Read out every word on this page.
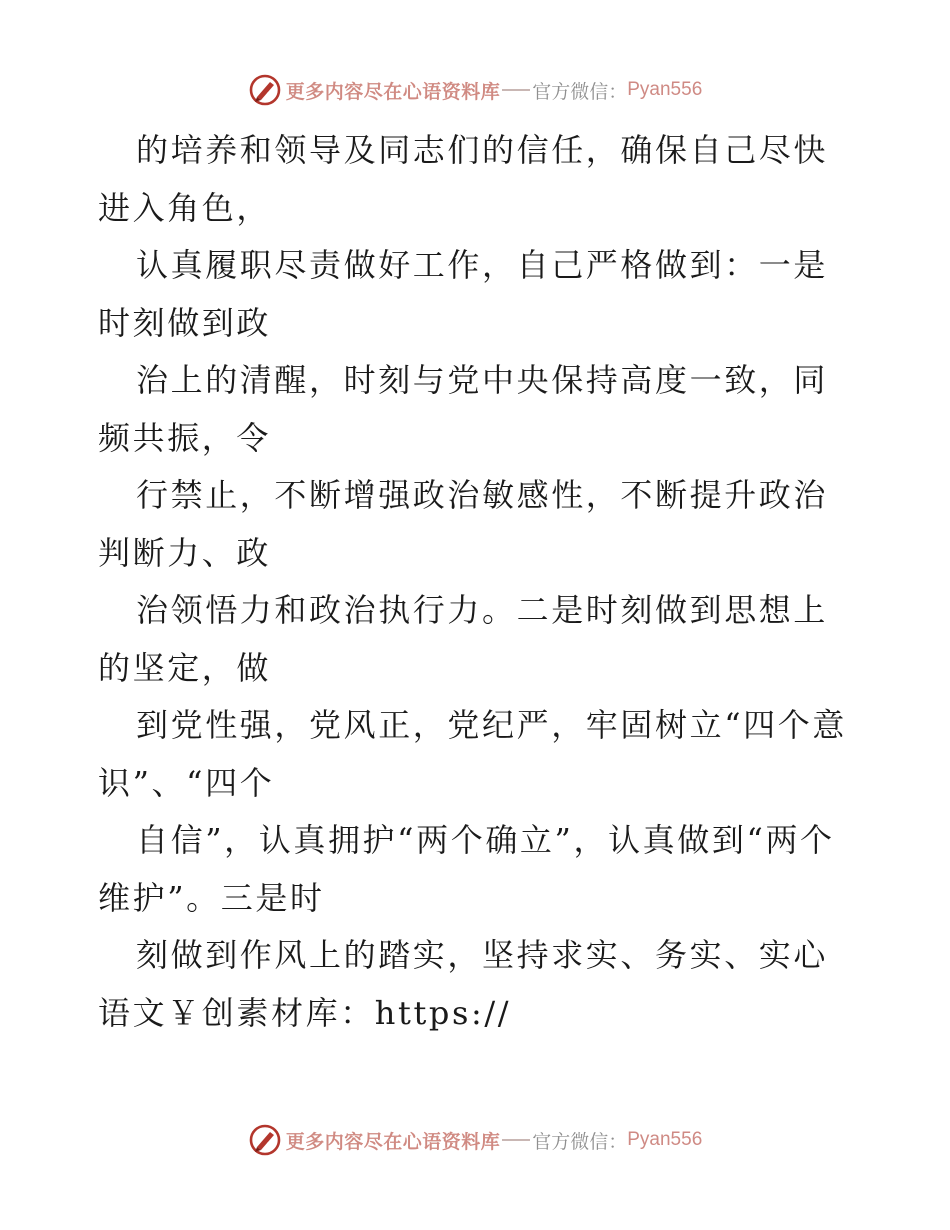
更多内容尽在心语资料库 官方微信： Pyan556

的培养和领导及同志们的信任，确保自己尽快进入角色，

认真履职尽责做好工作，自己严格做到：一是时刻做到政

治上的清醒，时刻与党中央保持高度一致，同频共振，令

行禁止，不断增强政治敏感性，不断提升政治判断力、政

治领悟力和政治执行力。二是时刻做到思想上的坚定，做

到党性强，党风正，党纪严，牢固树立“四个意识”、“四个

自信”，认真拥护“两个确立”，认真做到“两个维护”。三是时

刻做到作风上的踏实，坚持求实、务实、实心语文￥创素材库：https://

更多内容尽在心语资料库 官方微信： Pyan556
